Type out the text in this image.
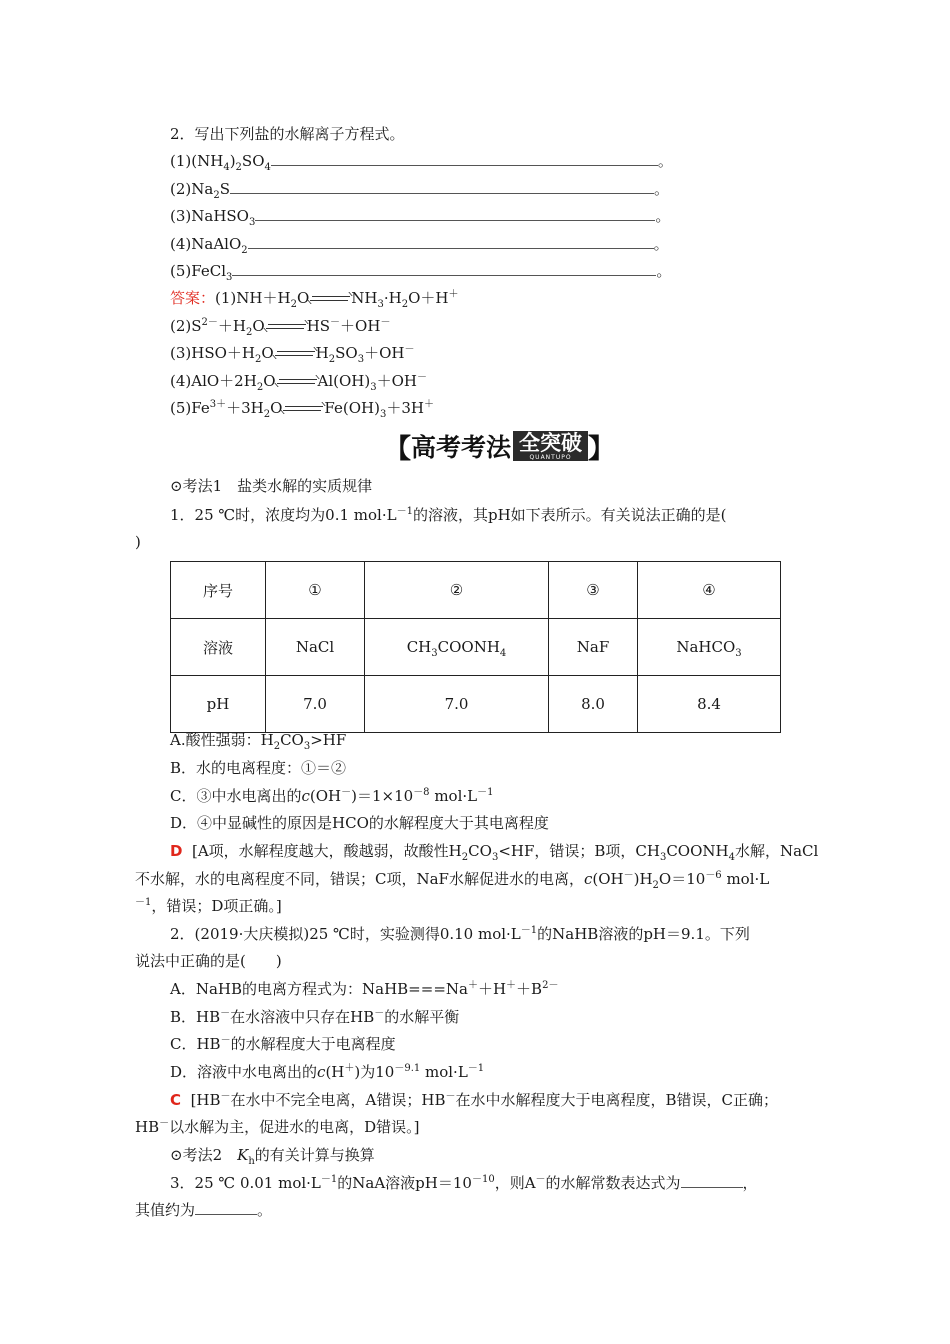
2．写出下列盐的水解离子方程式。
$(1)(NH_4)_2SO_4$	。
$(2)Na_2S$	。
(3)NaHSO$_3$	。
(4)NaAlO$_2$	。
(5)FeCl$_3$	。
答案：$(1)NH+H_2O$	$NH_3\cdot H_2O+H^+$
$(2)S^{2-}+H_2O$	HS－＋OH－
$(3)HSO+H_2O$	$H_2SO_3+OH^-$
$(4)AlO+2H_2O$	$Al(OH)_3+OH^-$
$(5)Fe^{3+}+3H_2O$	$Fe(OH)_3+3H^+$
【 高考考法 全突破
QUANTUPO 】
⊙考法1　盐类水解的实质规律
1．25 ℃时，浓度均为0.1 $mol\cdot L^{-1}$的溶液，其pH如下表所示。有关说法正确的是(
)
序号	①	②	③	④
溶液	NaCl	$CH_3COONH_4$	NaF	NaHCO$_3$
pH	7.0	7.0	8.0	8.4
A.酸性强弱：$H_2CO_3>HF$
B．水的电离程度：①＝②
C．③中水电离出的$c(OH^-)=1\times 10^{-8}$ $mol\cdot L^{-1}$
D．④中显碱性的原因是HCO的水解程度大于其电离程度
D [A项，水解程度越大，酸越弱，故酸性$H_2CO_3<HF$，错误；B项，$CH_3COONH_4$水解，NaCl
不水解，水的电离程度不同，错误；C项，NaF水解促进水的电离，$c(OH^-)H_2O=10^{-6}$ mol·L
$^{-1}$，错误；D项正确。]
2．(2019·大庆模拟)25 ℃时，实验测得0.10 $mol\cdot L^{-1}$的NaHB溶液的pH＝9.1。下列
说法中正确的是(　　)
A．NaHB的电离方程式为：$NaHB===Na^++H^++B^{2-}$
B．HB－在水溶液中只存在HB－的水解平衡
C．HB－的水解程度大于电离程度
D．溶液中水电离出的c(H＋)为$10^{-9.1}$ $mol\cdot L^{-1}$
C [HB－在水中不完全电离，A错误；HB－在水中水解程度大于电离程度，B错误，C正确；
HB－以水解为主，促进水的电离，D错误。]
⊙考法2　$K_h$的有关计算与换算
3．25 ℃ 0.01 $mol\cdot L^{-1}$的NaA溶液$pH=10^{-10}$，则A－的水解常数表达式为	，
其值约为	。
